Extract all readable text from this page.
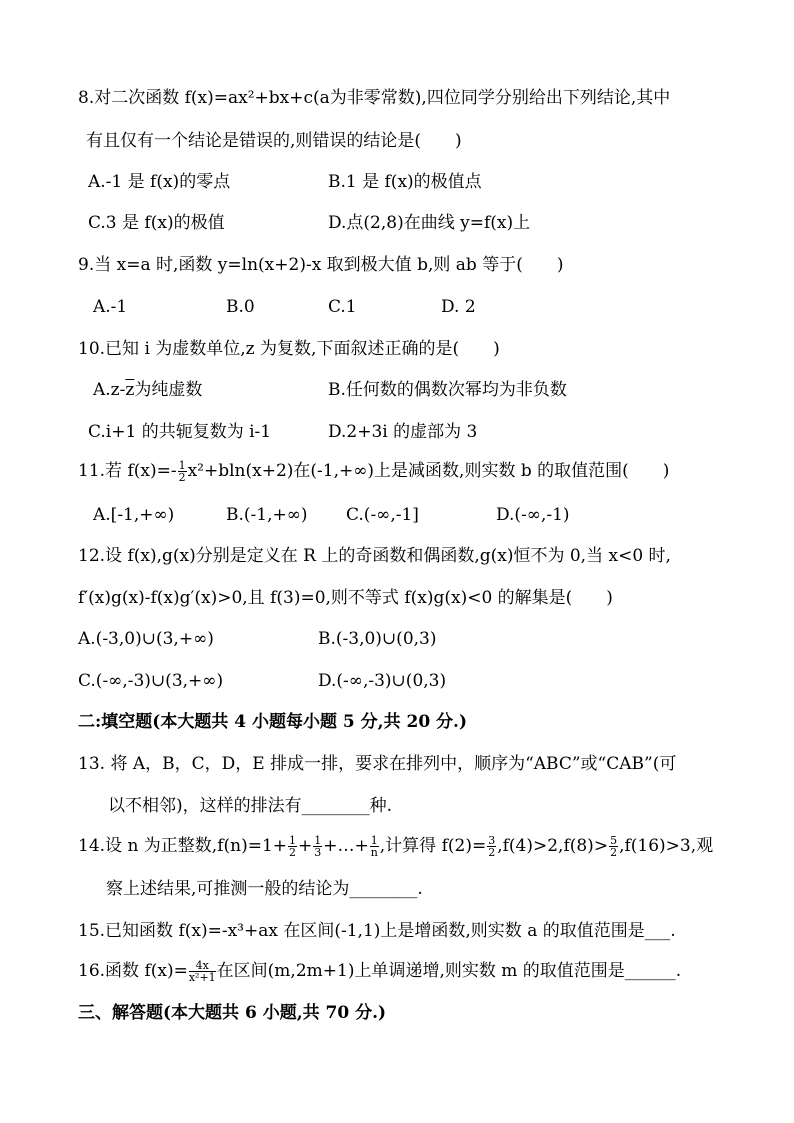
8.对二次函数 f(x)=ax²+bx+c(a为非零常数),四位同学分别给出下列结论,其中
有且仅有一个结论是错误的,则错误的结论是(　　)
A.-1 是 f(x)的零点	B.1 是 f(x)的极值点
C.3 是 f(x)的极值	D.点(2,8)在曲线 y=f(x)上
9.当 x=a 时,函数 y=ln(x+2)-x 取到极大值 b,则 ab 等于(　　)
A.-1	B.0	C.1	D. 2
10.已知 i 为虚数单位,z 为复数,下面叙述正确的是(　　)
$A.z-\overline{z}$为纯虚数	B.任何数的偶数次幂均为非负数
C.i+1 的共轭复数为 i-1	D.2+3i 的虚部为 3
11.若 $f(x)=- \frac{1}{2} x^2+bln(x+2)$在(-1,+∞)上是减函数,则实数 b 的取值范围(　　)
A.[-1,+∞)	B.(-1,+∞) C.(-∞,-1]	D.(-∞,-1)
12.设 f(x),g(x)分别是定义在 R 上的奇函数和偶函数,g(x)恒不为 0,当 x<0 时,
f′(x)g(x)-f(x)g′(x)>0,且 f(3)=0,则不等式 f(x)g(x)<0 的解集是(　　)
A.(-3,0)∪(3,+∞)	B.(-3,0)∪(0,3)
C.(-∞,-3)∪(3,+∞)	D.(-∞,-3)∪(0,3)
二:填空题(本大题共 4 小题每小题 5 分,共 20 分.)
13. 将 A，B，C，D，E 排成一排，要求在排列中，顺序为“ABC”或“CAB”(可
以不相邻)，这样的排法有________种.
14.设 n 为正整数$,f(n)=1+ \frac{1}{2} + \frac{1}{3}$ +…+ $\frac{1}{n}$ ,计算得 $f(2)= \frac{3}{2} ,f(4)>2,f(8)> \frac{5}{2} ,f(16)>3$,观
察上述结果,可推测一般的结论为________.
15.已知函数 f(x)=-x³+ax 在区间(-1,1)上是增函数,则实数 a 的取值范围是___.
16.函数 $f(x)= \frac{4x}{\text{x²+1}}$ 在区间(m,2m+1)上单调递增,则实数 m 的取值范围是______.
三、解答题(本大题共 6 小题,共 70 分.)
